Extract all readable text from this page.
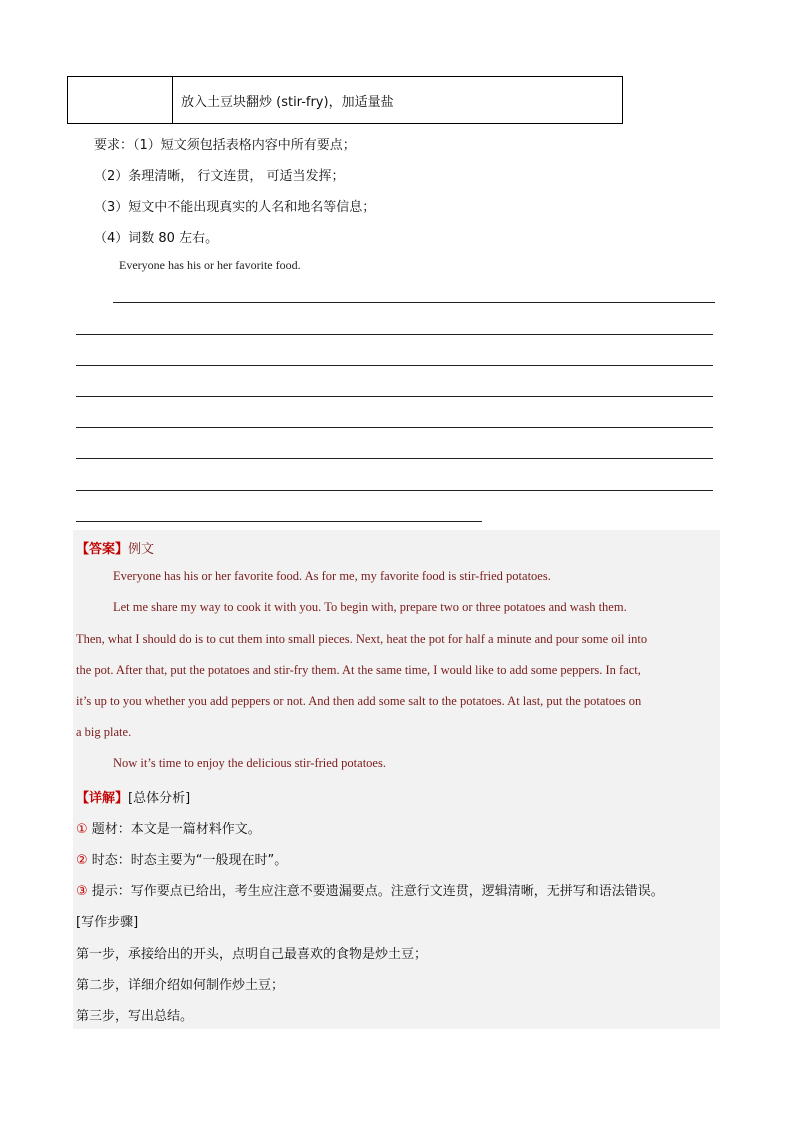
	放入土豆块翻炒 (stir-fry)，加适量盐
要求：（1）短文须包括表格内容中所有要点；
（2）条理清晰， 行文连贯， 可适当发挥；
（3）短文中不能出现真实的人名和地名等信息；
（4）词数 80 左右。
Everyone has his or her favorite food.
【答案】例文
Everyone has his or her favorite food. As for me, my favorite food is stir-fried potatoes.
Let me share my way to cook it with you. To begin with, prepare two or three potatoes and wash them.
Then, what I should do is to cut them into small pieces. Next, heat the pot for half a minute and pour some oil into
the pot. After that, put the potatoes and stir-fry them. At the same time, I would like to add some peppers. In fact,
it’s up to you whether you add peppers or not. And then add some salt to the potatoes. At last, put the potatoes on
a big plate.
Now it’s time to enjoy the delicious stir-fried potatoes.
【详解】[总体分析]
① 题材：本文是一篇材料作文。
② 时态：时态主要为“一般现在时”。
③ 提示：写作要点已给出，考生应注意不要遗漏要点。注意行文连贯，逻辑清晰，无拼写和语法错误。
[写作步骤]
第一步，承接给出的开头，点明自己最喜欢的食物是炒土豆；
第二步，详细介绍如何制作炒土豆；
第三步，写出总结。
